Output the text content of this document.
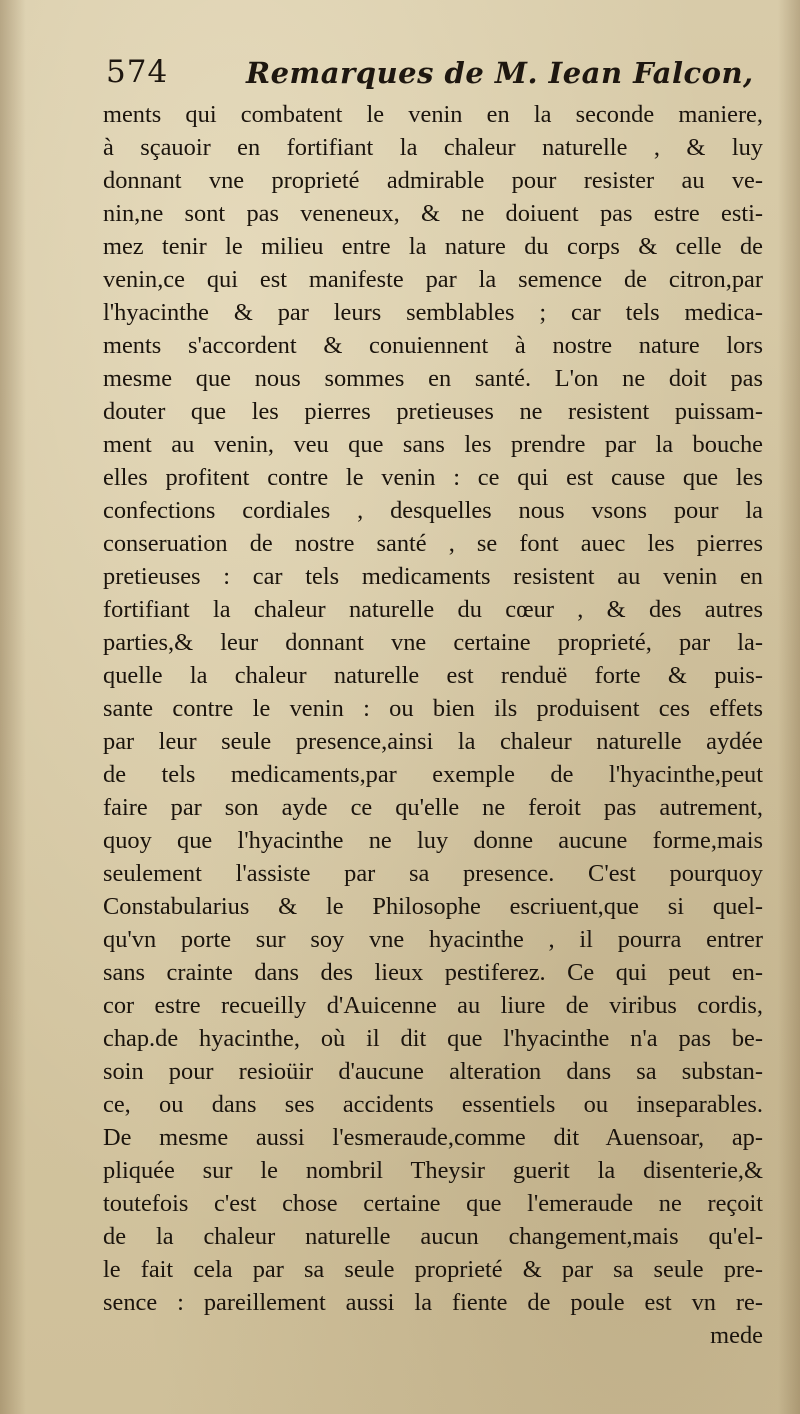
574	Remarques de M. Iean Falcon,
ments qui combatent le venin en la seconde maniere,
à sçauoir en fortifiant la chaleur naturelle , & luy
donnant vne proprieté admirable pour resister au ve-
nin,ne sont pas veneneux, & ne doiuent pas estre esti-
mez tenir le milieu entre la nature du corps & celle de
venin,ce qui est manifeste par la semence de citron,par
l'hyacinthe & par leurs semblables ; car tels medica-
ments s'accordent & conuiennent à nostre nature lors
mesme que nous sommes en santé. L'on ne doit pas
douter que les pierres pretieuses ne resistent puissam-
ment au venin, veu que sans les prendre par la bouche
elles profitent contre le venin : ce qui est cause que les
confections cordiales , desquelles nous vsons pour la
conseruation de nostre santé , se font auec les pierres
pretieuses : car tels medicaments resistent au venin en
fortifiant la chaleur naturelle du cœur , & des autres
parties,& leur donnant vne certaine proprieté, par la-
quelle la chaleur naturelle est renduë forte & puis-
sante contre le venin : ou bien ils produisent ces effets
par leur seule presence,ainsi la chaleur naturelle aydée
de tels medicaments,par exemple de l'hyacinthe,peut
faire par son ayde ce qu'elle ne feroit pas autrement,
quoy que l'hyacinthe ne luy donne aucune forme,mais
seulement l'assiste par sa presence. C'est pourquoy
Constabularius & le Philosophe escriuent,que si quel-
qu'vn porte sur soy vne hyacinthe , il pourra entrer
sans crainte dans des lieux pestiferez. Ce qui peut en-
cor estre recueilly d'Auicenne au liure de viribus cordis,
chap.de hyacinthe, où il dit que l'hyacinthe n'a pas be-
soin pour resioüir d'aucune alteration dans sa substan-
ce, ou dans ses accidents essentiels ou inseparables.
De mesme aussi l'esmeraude,comme dit Auensoar, ap-
pliquée sur le nombril Theysir guerit la disenterie,&
toutefois c'est chose certaine que l'emeraude ne reçoit
de la chaleur naturelle aucun changement,mais qu'el-
le fait cela par sa seule proprieté & par sa seule pre-
sence : pareillement aussi la fiente de poule est vn re-
mede
